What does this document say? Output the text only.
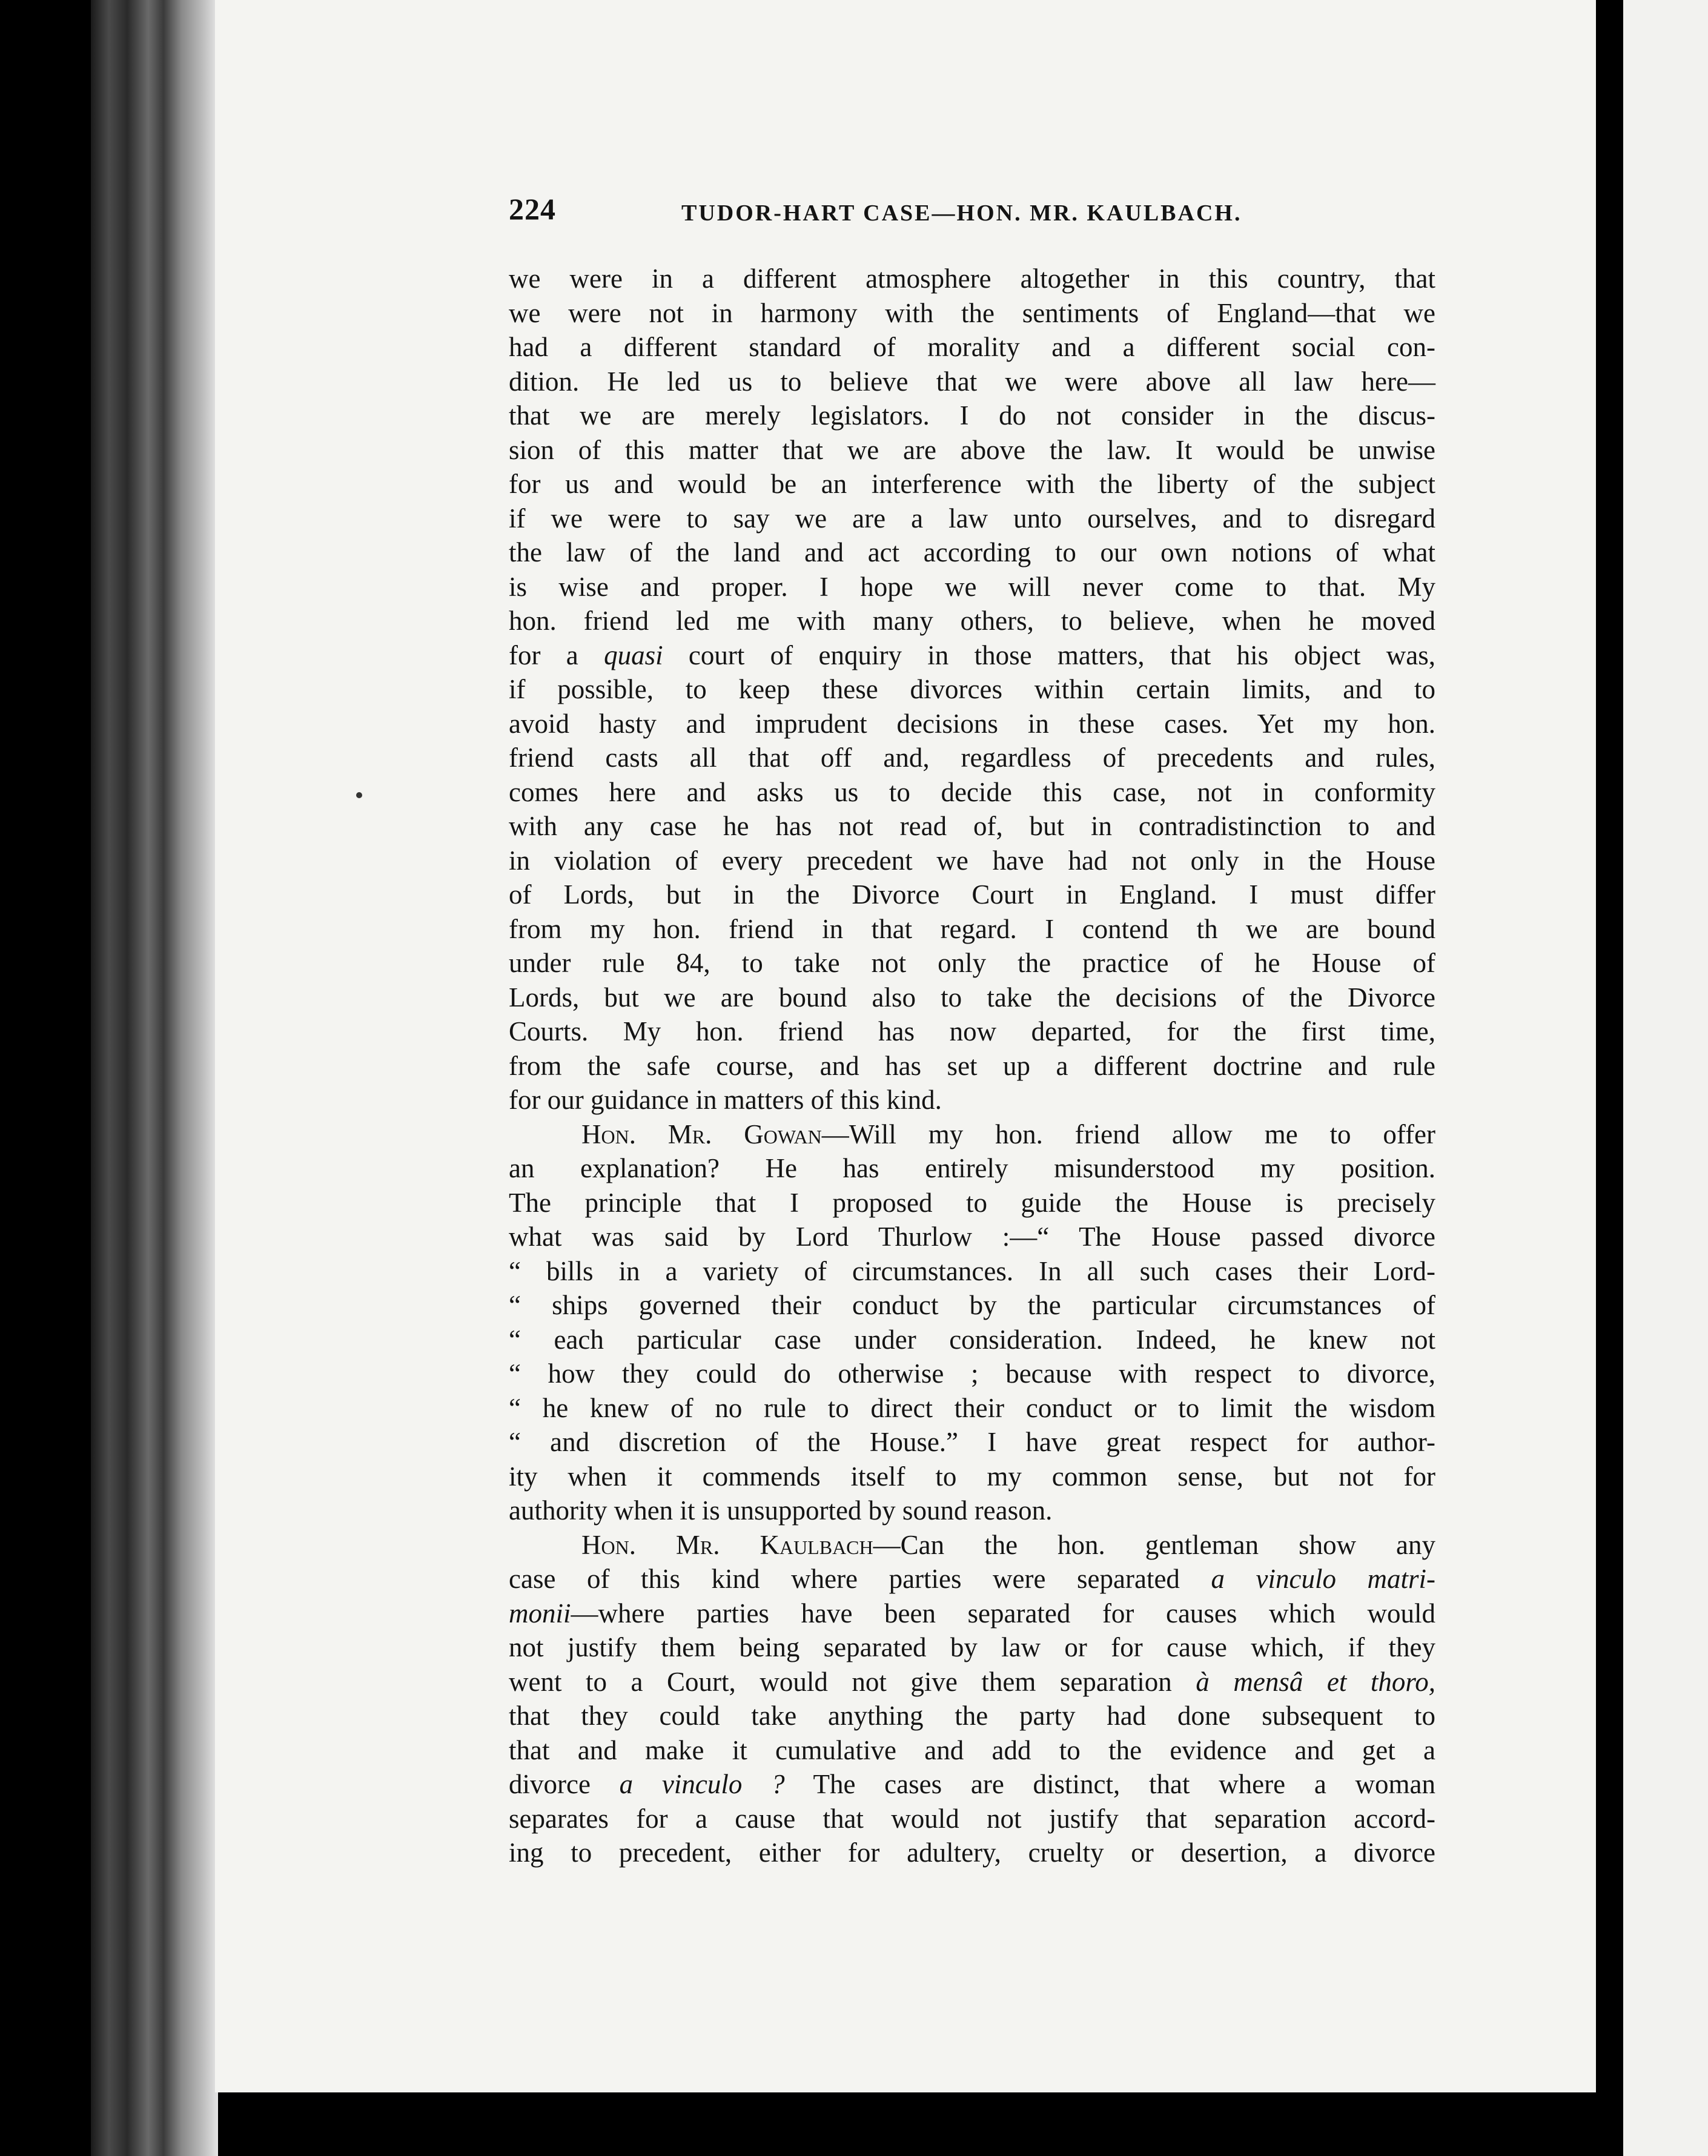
224	TUDOR-HART CASE—HON. MR. KAULBACH.
we were in a different atmosphere altogether in this country, that
we were not in harmony with the sentiments of England—that we
had a different standard of morality and a different social con-
dition. He led us to believe that we were above all law here—
that we are merely legislators. I do not consider in the discus-
sion of this matter that we are above the law. It would be unwise
for us and would be an interference with the liberty of the subject
if we were to say we are a law unto ourselves, and to disregard
the law of the land and act according to our own notions of what
is wise and proper. I hope we will never come to that. My
hon. friend led me with many others, to believe, when he moved
for a quasi court of enquiry in those matters, that his object was,
if possible, to keep these divorces within certain limits, and to
avoid hasty and imprudent decisions in these cases. Yet my hon.
friend casts all that off and, regardless of precedents and rules,
comes here and asks us to decide this case, not in conformity
with any case he has not read of, but in contradistinction to and
in violation of every precedent we have had not only in the House
of Lords, but in the Divorce Court in England. I must differ
from my hon. friend in that regard. I contend th we are bound
under rule 84, to take not only the practice of he House of
Lords, but we are bound also to take the decisions of the Divorce
Courts. My hon. friend has now departed, for the first time,
from the safe course, and has set up a different doctrine and rule
for our guidance in matters of this kind.
Hon. Mr. Gowan—Will my hon. friend allow me to offer
an explanation? He has entirely misunderstood my position.
The principle that I proposed to guide the House is precisely
what was said by Lord Thurlow :—“ The House passed divorce
“ bills in a variety of circumstances. In all such cases their Lord-
“ ships governed their conduct by the particular circumstances of
“ each particular case under consideration. Indeed, he knew not
“ how they could do otherwise ; because with respect to divorce,
“ he knew of no rule to direct their conduct or to limit the wisdom
“ and discretion of the House.” I have great respect for author-
ity when it commends itself to my common sense, but not for
authority when it is unsupported by sound reason.
Hon. Mr. Kaulbach—Can the hon. gentleman show any
case of this kind where parties were separated a vinculo matri-
monii—where parties have been separated for causes which would
not justify them being separated by law or for cause which, if they
went to a Court, would not give them separation à mensâ et thoro,
that they could take anything the party had done subsequent to
that and make it cumulative and add to the evidence and get a
divorce a vinculo ? The cases are distinct, that where a woman
separates for a cause that would not justify that separation accord-
ing to precedent, either for adultery, cruelty or desertion, a divorce
